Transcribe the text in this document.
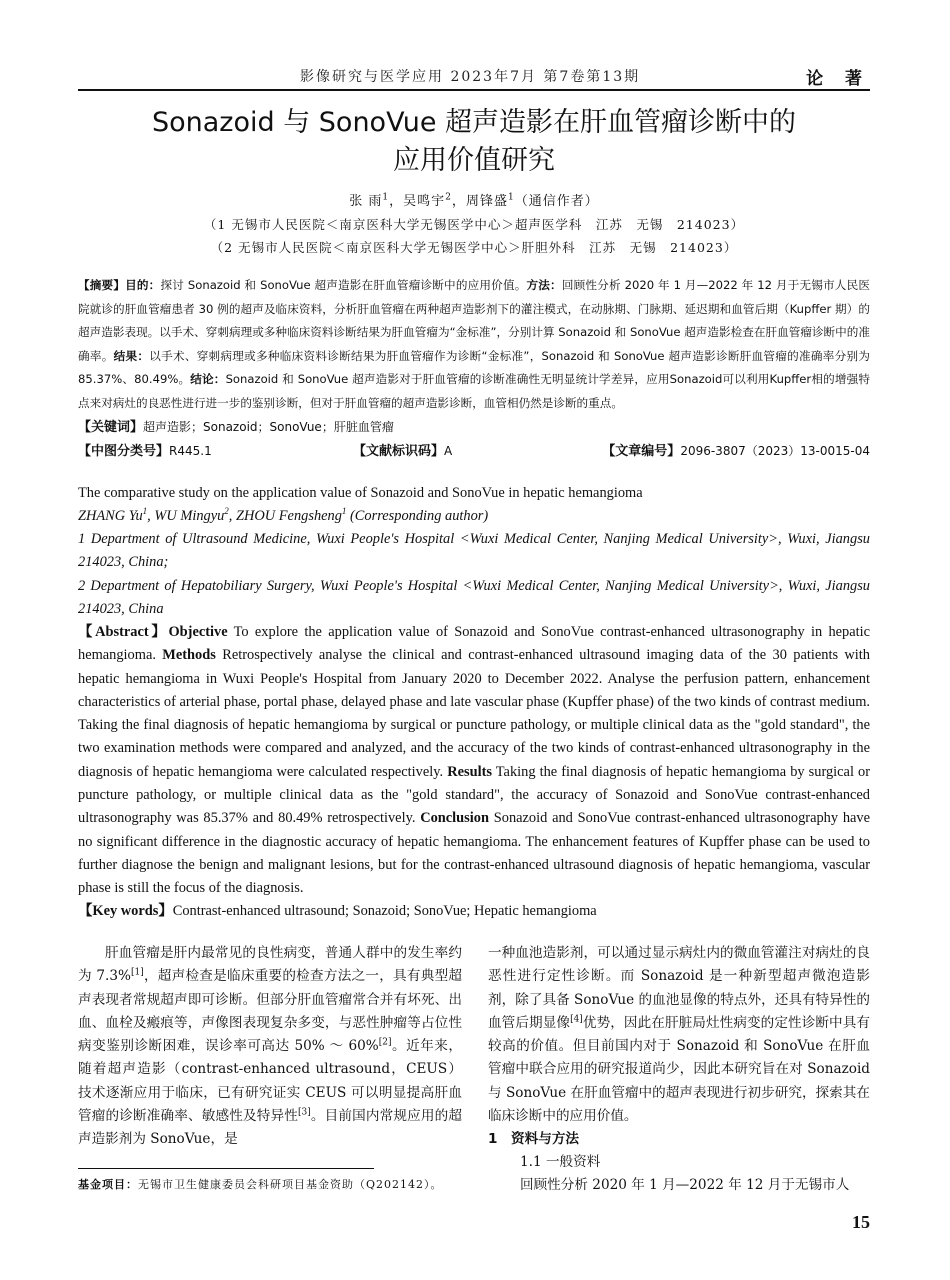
影像研究与医学应用 2023年7月 第7卷第13期	论 著
Sonazoid 与 SonoVue 超声造影在肝血管瘤诊断中的
应用价值研究
张 雨$^1$，吴鸣宇$^2$，周锋盛$^1$（通信作者）
（1 无锡市人民医院＜南京医科大学无锡医学中心＞超声医学科　江苏　无锡　214023）
（2 无锡市人民医院＜南京医科大学无锡医学中心＞肝胆外科　江苏　无锡　214023）
【摘要】目的：探讨 Sonazoid 和 SonoVue 超声造影在肝血管瘤诊断中的应用价值。方法：回顾性分析 2020 年 1 月—2022 年 12 月于无锡市人民医院就诊的肝血管瘤患者 30 例的超声及临床资料，分析肝血管瘤在两种超声造影剂下的灌注模式，在动脉期、门脉期、延迟期和血管后期（Kupffer 期）的超声造影表现。以手术、穿刺病理或多种临床资料诊断结果为肝血管瘤为“金标准”，分别计算 Sonazoid 和 SonoVue 超声造影检查在肝血管瘤诊断中的准确率。结果：以手术、穿刺病理或多种临床资料诊断结果为肝血管瘤作为诊断“金标准”，Sonazoid 和 SonoVue 超声造影诊断肝血管瘤的准确率分别为 85.37%、80.49%。结论：Sonazoid 和 SonoVue 超声造影对于肝血管瘤的诊断准确性无明显统计学差异，应用Sonazoid可以利用Kupffer相的增强特点来对病灶的良恶性进行进一步的鉴别诊断，但对于肝血管瘤的超声造影诊断，血管相仍然是诊断的重点。
【关键词】超声造影；Sonazoid；SonoVue；肝脏血管瘤
【中图分类号】R445.1	【文献标识码】A	【文章编号】2096-3807（2023）13-0015-04
The comparative study on the application value of Sonazoid and SonoVue in hepatic hemangioma
ZHANG Yu$^1$, WU Mingyu$^2$, ZHOU Fengsheng$^1$ (Corresponding author)
1 Department of Ultrasound Medicine, Wuxi People's Hospital <Wuxi Medical Center, Nanjing Medical University>, Wuxi, Jiangsu 214023, China;
2 Department of Hepatobiliary Surgery, Wuxi People's Hospital <Wuxi Medical Center, Nanjing Medical University>, Wuxi, Jiangsu 214023, China
【Abstract】Objective To explore the application value of Sonazoid and SonoVue contrast-enhanced ultrasonography in hepatic hemangioma. Methods Retrospectively analyse the clinical and contrast-enhanced ultrasound imaging data of the 30 patients with hepatic hemangioma in Wuxi People's Hospital from January 2020 to December 2022. Analyse the perfusion pattern, enhancement characteristics of arterial phase, portal phase, delayed phase and late vascular phase (Kupffer phase) of the two kinds of contrast medium. Taking the final diagnosis of hepatic hemangioma by surgical or puncture pathology, or multiple clinical data as the "gold standard", the two examination methods were compared and analyzed, and the accuracy of the two kinds of contrast-enhanced ultrasonography in the diagnosis of hepatic hemangioma were calculated respectively. Results Taking the final diagnosis of hepatic hemangioma by surgical or puncture pathology, or multiple clinical data as the "gold standard", the accuracy of Sonazoid and SonoVue contrast-enhanced ultrasonography was 85.37% and 80.49% retrospectively. Conclusion Sonazoid and SonoVue contrast-enhanced ultrasonography have no significant difference in the diagnostic accuracy of hepatic hemangioma. The enhancement features of Kupffer phase can be used to further diagnose the benign and malignant lesions, but for the contrast-enhanced ultrasound diagnosis of hepatic hemangioma, vascular phase is still the focus of the diagnosis.
【Key words】Contrast-enhanced ultrasound; Sonazoid; SonoVue; Hepatic hemangioma
肝血管瘤是肝内最常见的良性病变，普通人群中的发生率约为 7.3%[1]，超声检查是临床重要的检查方法之一，具有典型超声表现者常规超声即可诊断。但部分肝血管瘤常合并有坏死、出血、血栓及瘢痕等，声像图表现复杂多变，与恶性肿瘤等占位性病变鉴别诊断困难，误诊率可高达 50% ～ 60%[2]。近年来，随着超声造影（contrast-enhanced ultrasound，CEUS）技术逐渐应用于临床，已有研究证实 CEUS 可以明显提高肝血管瘤的诊断准确率、敏感性及特异性[3]。目前国内常规应用的超声造影剂为 SonoVue，是
一种血池造影剂，可以通过显示病灶内的微血管灌注对病灶的良恶性进行定性诊断。而 Sonazoid 是一种新型超声微泡造影剂，除了具备 SonoVue 的血池显像的特点外，还具有特异性的血管后期显像[4]优势，因此在肝脏局灶性病变的定性诊断中具有较高的价值。但目前国内对于 Sonazoid 和 SonoVue 在肝血管瘤中联合应用的研究报道尚少，因此本研究旨在对 Sonazoid 与 SonoVue 在肝血管瘤中的超声表现进行初步研究，探索其在临床诊断中的应用价值。
1　资料与方法
1.1 一般资料
回顾性分析 2020 年 1 月—2022 年 12 月于无锡市人
基金项目：无锡市卫生健康委员会科研项目基金资助（Q202142）。
15
